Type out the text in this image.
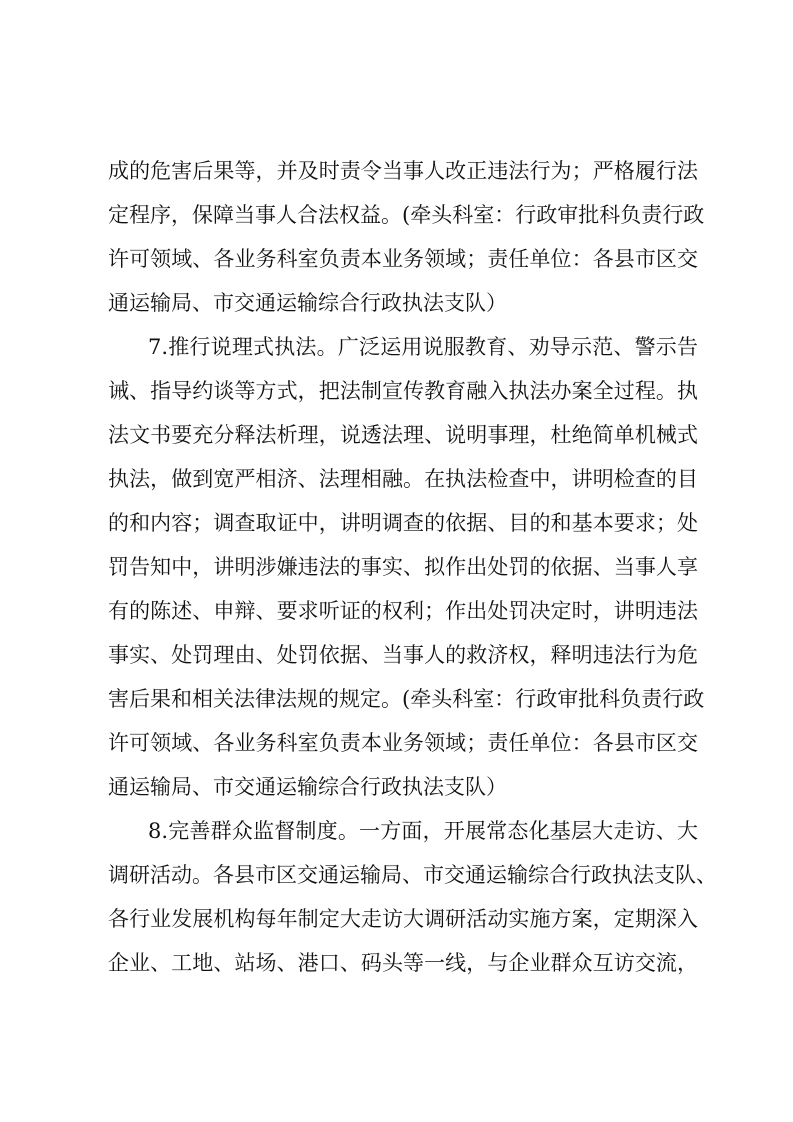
成的危害后果等，并及时责令当事人改正违法行为；严格履行法
定程序，保障当事人合法权益。(牵头科室：行政审批科负责行政
许可领域、各业务科室负责本业务领域；责任单位：各县市区交
通运输局、市交通运输综合行政执法支队）
7.推行说理式执法。广泛运用说服教育、劝导示范、警示告
诫、指导约谈等方式，把法制宣传教育融入执法办案全过程。执
法文书要充分释法析理，说透法理、说明事理，杜绝简单机械式
执法，做到宽严相济、法理相融。在执法检查中，讲明检查的目
的和内容；调查取证中，讲明调查的依据、目的和基本要求；处
罚告知中，讲明涉嫌违法的事实、拟作出处罚的依据、当事人享
有的陈述、申辩、要求听证的权利；作出处罚决定时，讲明违法
事实、处罚理由、处罚依据、当事人的救济权，释明违法行为危
害后果和相关法律法规的规定。(牵头科室：行政审批科负责行政
许可领域、各业务科室负责本业务领域；责任单位：各县市区交
通运输局、市交通运输综合行政执法支队）
8.完善群众监督制度。一方面，开展常态化基层大走访、大
调研活动。各县市区交通运输局、市交通运输综合行政执法支队、
各行业发展机构每年制定大走访大调研活动实施方案，定期深入
企业、工地、站场、港口、码头等一线，与企业群众互访交流，
